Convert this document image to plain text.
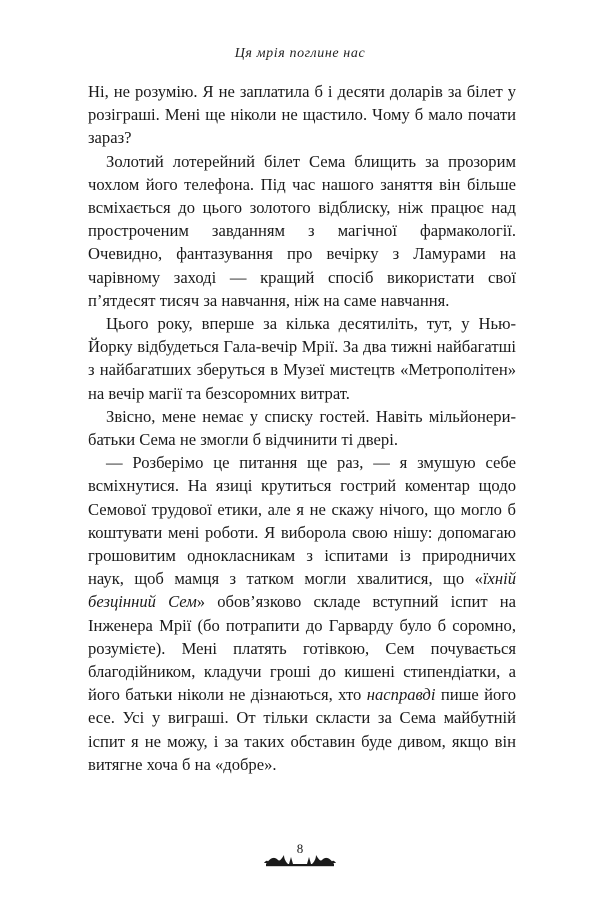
Ця мрія поглине нас

Ні, не розумію. Я не заплатила б і десяти доларів за білет у розіграші. Мені ще ніколи не щастило. Чому б мало почати зараз?

Золотий лотерейний білет Сема блищить за прозорим чохлом його телефона. Під час нашого заняття він більше всміхається до цього золотого відблиску, ніж працює над простроченим завданням з магічної фармакології. Очевидно, фантазування про вечірку з Ламурами на чарівному заході — кращий спосіб використати свої п’ятдесят тисяч за навчання, ніж на саме навчання.

Цього року, вперше за кілька десятиліть, тут, у Нью-Йорку відбудеться Гала-вечір Мрії. За два тижні найбагатші з найбагатших зберуться в Музеї мистецтв «Метрополітен» на вечір магії та безсоромних витрат.

Звісно, мене немає у списку гостей. Навіть мільйонери-батьки Сема не змогли б відчинити ті двері.

— Розберімо це питання ще раз, — я змушую себе всміхнутися. На язиці крутиться гострий коментар щодо Семової трудової етики, але я не скажу нічого, що могло б коштувати мені роботи. Я виборола свою нішу: допомагаю грошовитим однокласникам з іспитами із природничих наук, щоб мамця з татком могли хвалитися, що «їхній безцінний Сем» обов’язково складе вступний іспит на Інженера Мрії (бо потрапити до Гарварду було б соромно, розумієте). Мені платять готівкою, Сем почувається благодійником, кладучи гроші до кишені стипендіатки, а його батьки ніколи не дізнаються, хто насправді пише його есе. Усі у виграші. От тільки скласти за Сема майбутній іспит я не можу, і за таких обставин буде дивом, якщо він витягне хоча б на «добре».

8
